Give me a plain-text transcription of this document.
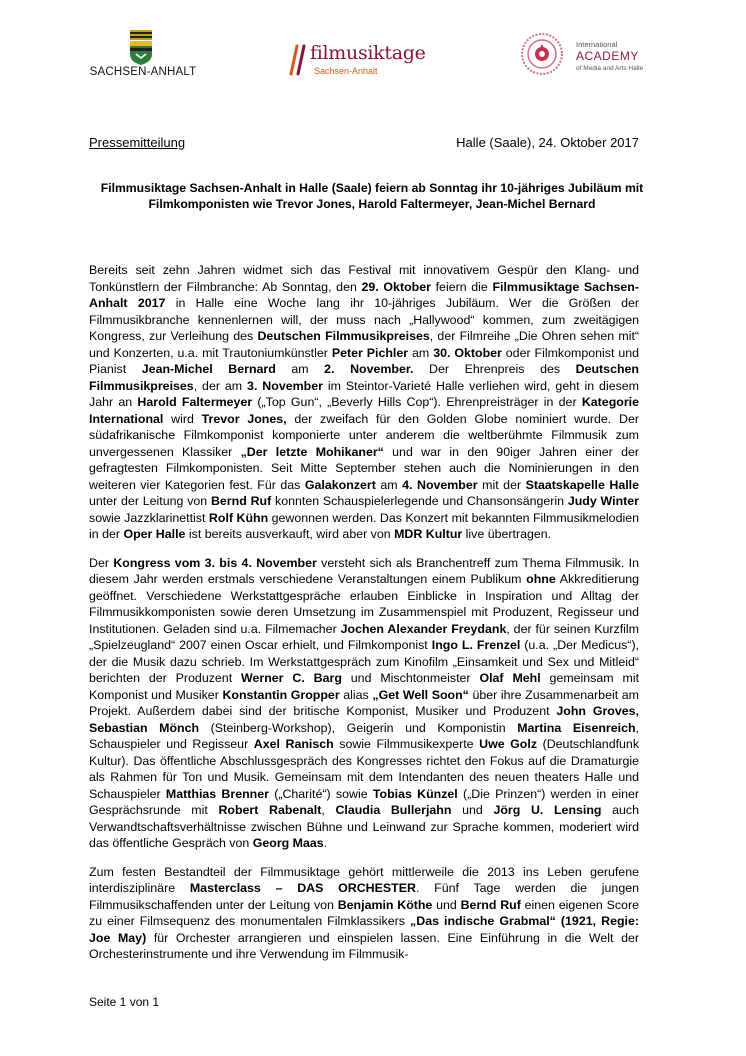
SACHSEN-ANHALT
filmusiktage
Sachsen-Anhalt
International
ACADEMY
of Media and Arts Halle
Pressemitteilung	Halle (Saale), 24. Oktober 2017
Filmmusiktage Sachsen-Anhalt in Halle (Saale) feiern ab Sonntag ihr 10-jähriges Jubiläum mit Filmkomponisten wie Trevor Jones, Harold Faltermeyer, Jean-Michel Bernard

Bereits seit zehn Jahren widmet sich das Festival mit innovativem Gespür den Klang- und Tonkünstlern der Filmbranche: Ab Sonntag, den 29. Oktober feiern die Filmmusiktage Sachsen-Anhalt 2017 in Halle eine Woche lang ihr 10-jähriges Jubiläum. Wer die Größen der Filmmusikbranche kennenlernen will, der muss nach „Hallywood“ kommen, zum zweitägigen Kongress, zur Verleihung des Deutschen Filmmusikpreises, der Filmreihe „Die Ohren sehen mit“ und Konzerten, u.a. mit Trautoniumkünstler Peter Pichler am 30. Oktober oder Filmkomponist und Pianist Jean-Michel Bernard am 2. November. Der Ehrenpreis des Deutschen Filmmusikpreises, der am 3. November im Steintor-Varieté Halle verliehen wird, geht in diesem Jahr an Harold Faltermeyer („Top Gun“, „Beverly Hills Cop“). Ehrenpreisträger in der Kategorie International wird Trevor Jones, der zweifach für den Golden Globe nominiert wurde. Der südafrikanische Filmkomponist komponierte unter anderem die weltberühmte Filmmusik zum unvergessenen Klassiker „Der letzte Mohikaner“ und war in den 90iger Jahren einer der gefragtesten Filmkomponisten. Seit Mitte September stehen auch die Nominierungen in den weiteren vier Kategorien fest. Für das Galakonzert am 4. November mit der Staatskapelle Halle unter der Leitung von Bernd Ruf konnten Schauspielerlegende und Chansonsängerin Judy Winter sowie Jazzklarinettist Rolf Kühn gewonnen werden. Das Konzert mit bekannten Filmmusikmelodien in der Oper Halle ist bereits ausverkauft, wird aber von MDR Kultur live übertragen.

Der Kongress vom 3. bis 4. November versteht sich als Branchentreff zum Thema Filmmusik. In diesem Jahr werden erstmals verschiedene Veranstaltungen einem Publikum ohne Akkreditierung geöffnet. Verschiedene Werkstattgespräche erlauben Einblicke in Inspiration und Alltag der Filmmusikkomponisten sowie deren Umsetzung im Zusammenspiel mit Produzent, Regisseur und Institutionen. Geladen sind u.a. Filmemacher Jochen Alexander Freydank, der für seinen Kurzfilm „Spielzeugland“ 2007 einen Oscar erhielt, und Filmkomponist Ingo L. Frenzel (u.a. „Der Medicus“), der die Musik dazu schrieb. Im Werkstattgespräch zum Kinofilm „Einsamkeit und Sex und Mitleid“ berichten der Produzent Werner C. Barg und Mischtonmeister Olaf Mehl gemeinsam mit Komponist und Musiker Konstantin Gropper alias „Get Well Soon“ über ihre Zusammenarbeit am Projekt. Außerdem dabei sind der britische Komponist, Musiker und Produzent John Groves, Sebastian Mönch (Steinberg-Workshop), Geigerin und Komponistin Martina Eisenreich, Schauspieler und Regisseur Axel Ranisch sowie Filmmusikexperte Uwe Golz (Deutschlandfunk Kultur). Das öffentliche Abschlussgespräch des Kongresses richtet den Fokus auf die Dramaturgie als Rahmen für Ton und Musik. Gemeinsam mit dem Intendanten des neuen theaters Halle und Schauspieler Matthias Brenner („Charité“) sowie Tobias Künzel („Die Prinzen“) werden in einer Gesprächsrunde mit Robert Rabenalt, Claudia Bullerjahn und Jörg U. Lensing auch Verwandtschaftsverhältnisse zwischen Bühne und Leinwand zur Sprache kommen, moderiert wird das öffentliche Gespräch von Georg Maas.

Zum festen Bestandteil der Filmmusiktage gehört mittlerweile die 2013 ins Leben gerufene interdisziplinäre Masterclass – DAS ORCHESTER. Fünf Tage werden die jungen Filmmusikschaffenden unter der Leitung von Benjamin Köthe und Bernd Ruf einen eigenen Score zu einer Filmsequenz des monumentalen Filmklassikers „Das indische Grabmal“ (1921, Regie: Joe May) für Orchester arrangieren und einspielen lassen. Eine Einführung in die Welt der Orchesterinstrumente und ihre Verwendung im Filmmusik-

Seite 1 von 1
